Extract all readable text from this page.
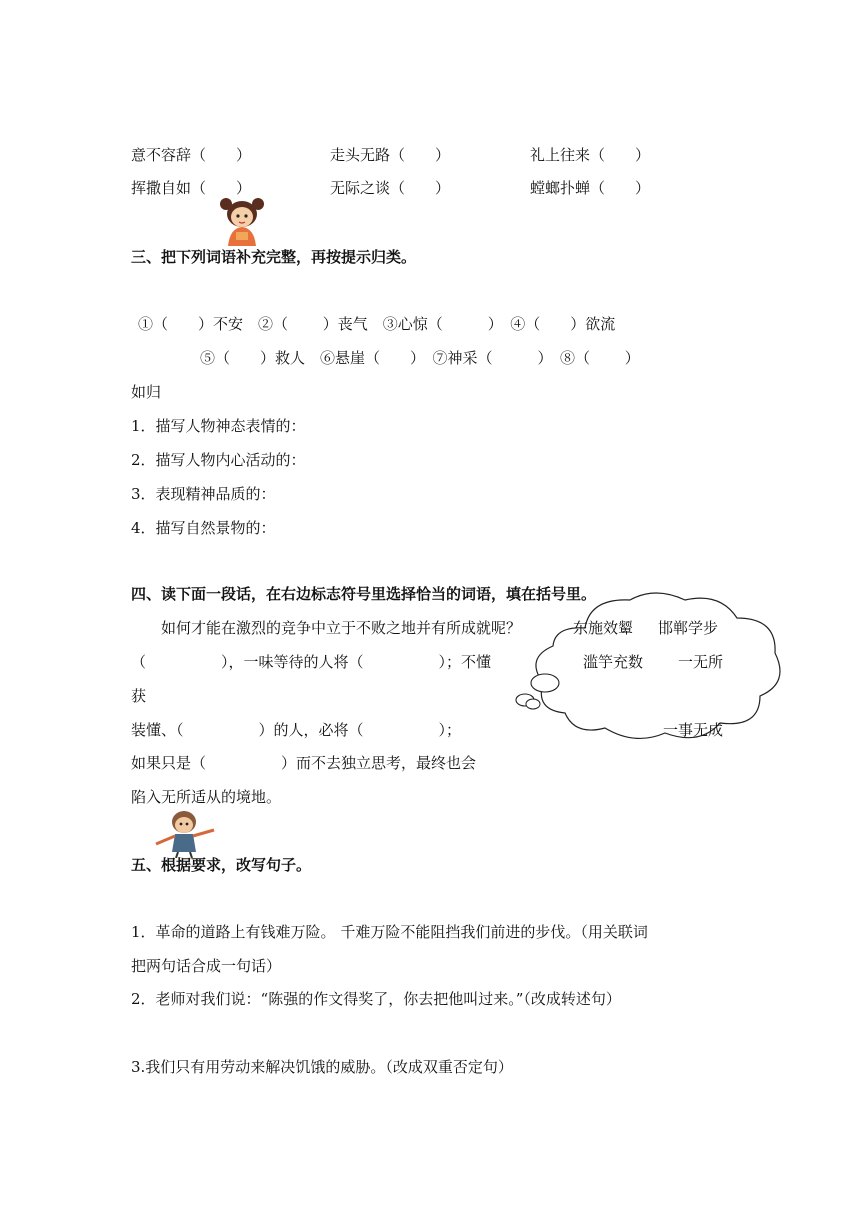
意不容辞（　　）	走头无路（　　）	礼上往来（　　）
挥撒自如（　　）	无际之谈（　　）	螳螂扑蝉（　　）
三、把下列词语补充完整，再按提示归类。
①（　　）不安　②（　　 ）丧气　③心惊（　　　）　④（　　）欲流
⑤（　　）救人　⑥悬崖（　　）　⑦神采（　　　）　⑧（　　 ）
如归
1．描写人物神态表情的：
2．描写人物内心活动的：
3．表现精神品质的：
4．描写自然景物的：
四、读下面一段话，在右边标志符号里选择恰当的词语，填在括号里。
　　如何才能在激烈的竞争中立于不败之地并有所成就呢？
（　　　　　），一味等待的人将（　　　　　）；不懂
获
装懂、（　　　　　）的人，必将（　　　　　）；
如果只是（　　　　　）而不去独立思考，最终也会
陷入无所适从的境地。
东施效颦 邯郸学步
滥竽充数 一无所
一事无成
五、根据要求，改写句子。
1．革命的道路上有钱难万险。 千难万险不能阻挡我们前进的步伐。（用关联词
把两句话合成一句话）
2．老师对我们说：“陈强的作文得奖了，你去把他叫过来。”（改成转述句）
3.我们只有用劳动来解决饥饿的威胁。（改成双重否定句）
